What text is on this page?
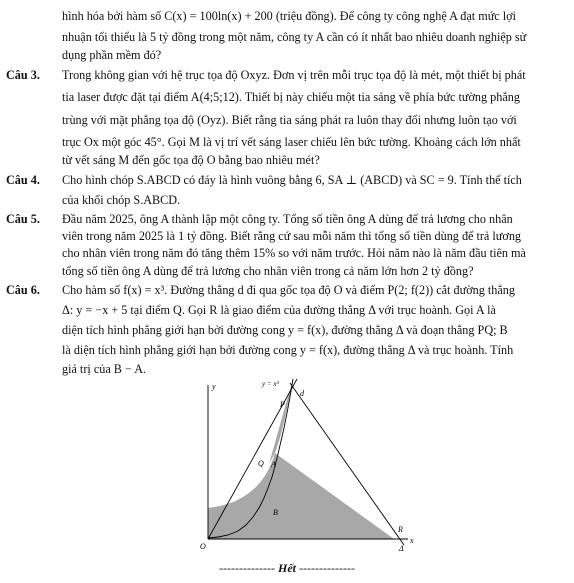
hình hóa bởi hàm số C(x) = 100ln(x) + 200 (triệu đồng). Để công ty công nghệ A đạt mức lợi
nhuận tối thiểu là 5 tỷ đồng trong một năm, công ty A cần có ít nhất bao nhiêu doanh nghiệp sử
dụng phần mềm đó?
Câu 3. Trong không gian với hệ trục tọa độ Oxyz. Đơn vị trên mỗi trục tọa độ là mét, một thiết bị phát
tia laser được đặt tại điểm A(4;5;12). Thiết bị này chiếu một tia sáng về phía bức tường phẳng
trùng với mặt phẳng tọa độ (Oyz). Biết rằng tia sáng phát ra luôn thay đổi nhưng luôn tạo với
trục Ox một góc 45°. Gọi M là vị trí vết sáng laser chiếu lên bức tường. Khoảng cách lớn nhất
từ vết sáng M đến gốc tọa độ O bằng bao nhiêu mét?
Câu 4. Cho hình chóp S.ABCD có đáy là hình vuông bằng 6, SA ⊥ (ABCD) và SC = 9. Tính thể tích
của khối chóp S.ABCD.
Câu 5. Đầu năm 2025, ông A thành lập một công ty. Tổng số tiền ông A dùng để trả lương cho nhân
viên trong năm 2025 là 1 tỷ đồng. Biết rằng cứ sau mỗi năm thì tổng số tiền dùng để trả lương
cho nhân viên trong năm đó tăng thêm 15% so với năm trước. Hỏi năm nào là năm đầu tiên mà
tổng số tiền ông A dùng để trả lương cho nhân viên trong cả năm lớn hơn 2 tỷ đồng?
Câu 6. Cho hàm số f(x) = x³. Đường thẳng d đi qua gốc tọa độ O và điểm P(2; f(2)) cắt đường thẳng
Δ: y = −x + 5 tại điểm Q. Gọi R là giao điểm của đường thẳng Δ với trục hoành. Gọi A là
diện tích hình phẳng giới hạn bởi đường cong y = f(x), đường thẳng Δ và đoạn thẳng PQ; B
là diện tích hình phẳng giới hạn bởi đường cong y = f(x), đường thẳng Δ và trục hoành. Tính
giá trị của B − A.
y
x
y = x³
d
P
Q A
B
O
R
Δ
-------------- Hết --------------
